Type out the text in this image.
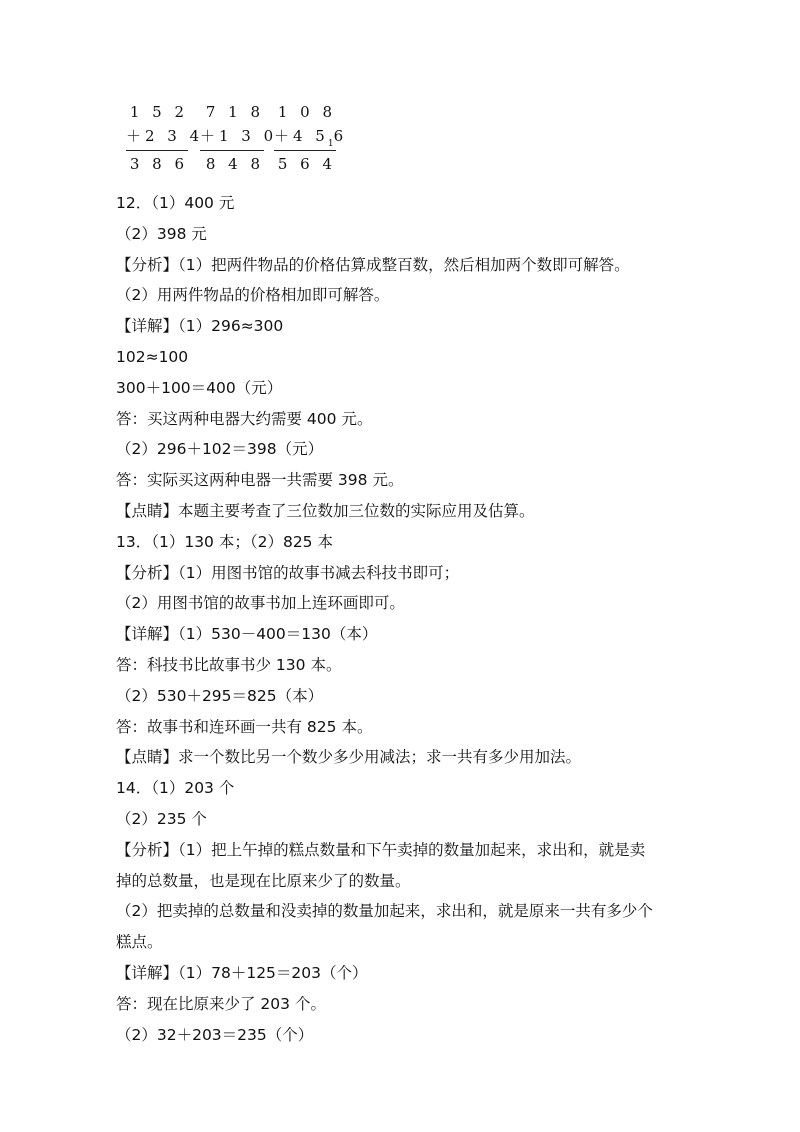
1 5 2
＋2 3 4
3 8 6
7 1 8
＋1 3 0
8 4 8
1 0 8
＋4 $5_16$
5 6 4
12．（1）400 元
（2）398 元
【分析】（1）把两件物品的价格估算成整百数，然后相加两个数即可解答。
（2）用两件物品的价格相加即可解答。
【详解】（1）296≈300
102≈100
300＋100＝400（元）
答：买这两种电器大约需要 400 元。
（2）296＋102＝398（元）
答：实际买这两种电器一共需要 398 元。
【点睛】本题主要考查了三位数加三位数的实际应用及估算。
13．（1）130 本；（2）825 本
【分析】（1）用图书馆的故事书减去科技书即可；
（2）用图书馆的故事书加上连环画即可。
【详解】（1）530－400＝130（本）
答：科技书比故事书少 130 本。
（2）530＋295＝825（本）
答：故事书和连环画一共有 825 本。
【点睛】求一个数比另一个数少多少用减法；求一共有多少用加法。
14．（1）203 个
（2）235 个
【分析】（1）把上午掉的糕点数量和下午卖掉的数量加起来，求出和，就是卖
掉的总数量，也是现在比原来少了的数量。
（2）把卖掉的总数量和没卖掉的数量加起来，求出和，就是原来一共有多少个
糕点。
【详解】（1）78＋125＝203（个）
答：现在比原来少了 203 个。
（2）32＋203＝235（个）
